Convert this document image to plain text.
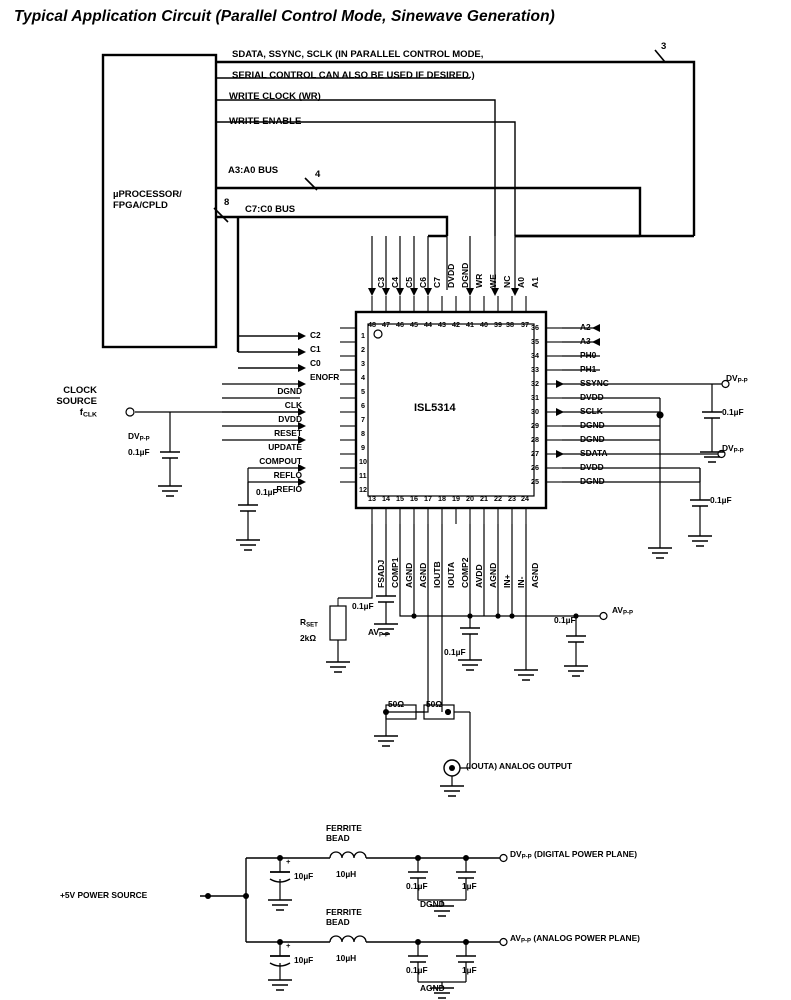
Typical Application Circuit (Parallel Control Mode, Sinewave Generation)
µPROCESSOR/
FPGA/CPLD
SDATA, SSYNC, SCLK (IN PARALLEL CONTROL MODE,
SERIAL CONTROL CAN ALSO BE USED IF DESIRED.)
WRITE CLOCK (WR)
WRITE ENABLE
A3:A0 BUS
C7:C0 BUS
3
4
8
CLOCK
SOURCE
$f_{CLK}$
ISL5314
C3 C4 C5 C6 C7 DVDD DGND WR WE NC A0 A1
48 47 46 45 44 43 42 41 40 39 38 37
C2
C1
C0
ENOFR
DGND
CLK
DVDD
RESET
UPDATE
COMPOUT
REFLO
REFIO
1
2
3
4
5
6
7
8
9
10
11
12
A2
A3
PH0
PH1
SSYNC
DVDD
SCLK
DGND
DGND
SDATA
DVDD
DGND
36
35
34
33
32
31
30
29
28
27
26
25
13 14 15 16 17 18 19 20 21 22 23 24
FSADJ COMP1 AGND AGND IOUTB IOUTA COMP2 AVDD AGND IN+ IN- AGND
$DV_{P-P}$
0.1µF
0.1µF
$DV_{P-P}$
0.1µF
$DV_{P-P}$
0.1µF
$R_{SET}$
2kΩ
0.1µF
$AV_{P-P}$
0.1µF
0.1µF
$AV_{P-P}$
50Ω	50Ω
(IOUTA) ANALOG OUTPUT
+5V POWER SOURCE
FERRITE
BEAD
10µH
10µF
+
0.1µF	1µF
DGND
$DV_{P-P}$ (DIGITAL POWER PLANE)
FERRITE
BEAD
10µH
10µF
+
0.1µF	1µF
AGND
$AV_{P-P}$ (ANALOG POWER PLANE)
